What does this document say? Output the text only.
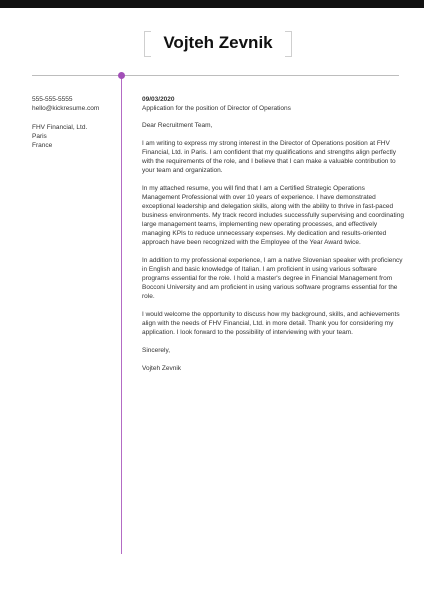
Vojteh Zevnik
555-555-5555
hello@kickresume.com
FHV Financial, Ltd.
Paris
France
09/03/2020
Application for the position of Director of Operations

Dear Recruitment Team,

I am writing to express my strong interest in the Director of Operations position at FHV Financial, Ltd. in Paris. I am confident that my qualifications and strengths align perfectly with the requirements of the role, and I believe that I can make a valuable contribution to your team and organization.

In my attached resume, you will find that I am a Certified Strategic Operations Management Professional with over 10 years of experience. I have demonstrated exceptional leadership and delegation skills, along with the ability to thrive in fast-paced business environments. My track record includes successfully supervising and coordinating large management teams, implementing new operating processes, and effectively managing KPIs to reduce unnecessary expenses. My dedication and results-oriented approach have been recognized with the Employee of the Year Award twice.

In addition to my professional experience, I am a native Slovenian speaker with proficiency in English and basic knowledge of Italian. I am proficient in using various software programs essential for the role. I hold a master's degree in Financial Management from Bocconi University and am proficient in using various software programs essential for the role.

I would welcome the opportunity to discuss how my background, skills, and achievements align with the needs of FHV Financial, Ltd. in more detail. Thank you for considering my application. I look forward to the possibility of interviewing with your team.

Sincerely,

Vojteh Zevnik
